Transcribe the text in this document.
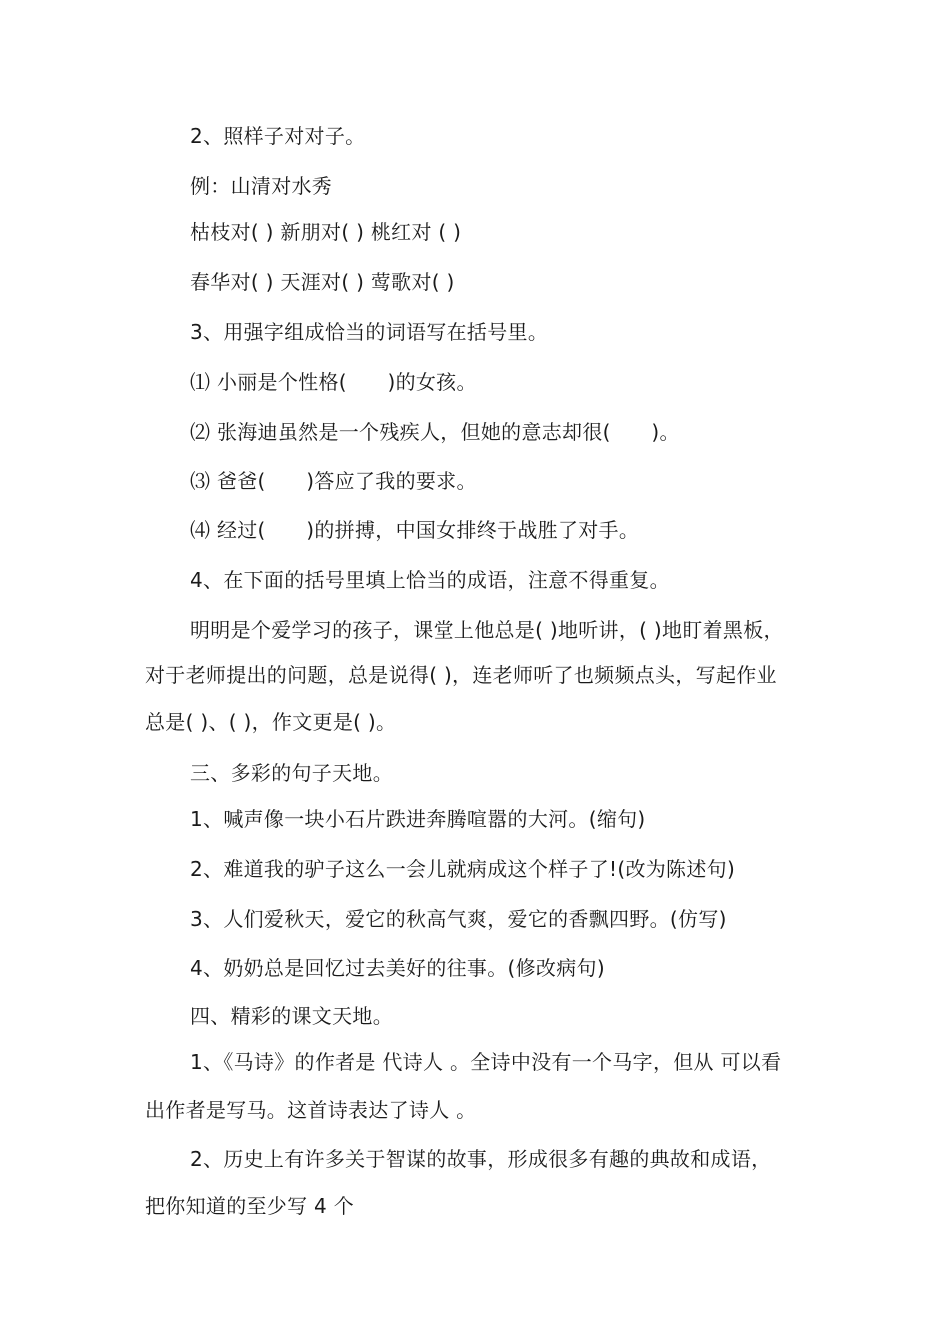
2、照样子对对子。
例：山清对水秀
枯枝对( ) 新朋对( ) 桃红对 ( )
春华对( ) 天涯对( ) 莺歌对( )
3、用强字组成恰当的词语写在括号里。
⑴ 小丽是个性格(　　)的女孩。
⑵ 张海迪虽然是一个残疾人，但她的意志却很(　　)。
⑶ 爸爸(　　)答应了我的要求。
⑷ 经过(　　)的拼搏，中国女排终于战胜了对手。
4、在下面的括号里填上恰当的成语，注意不得重复。
明明是个爱学习的孩子，课堂上他总是( )地听讲，( )地盯着黑板，
对于老师提出的问题，总是说得( )，连老师听了也频频点头，写起作业
总是( )、( )，作文更是( )。
三、多彩的句子天地。
1、喊声像一块小石片跌进奔腾喧嚣的大河。(缩句)
2、难道我的驴子这么一会儿就病成这个样子了!(改为陈述句)
3、人们爱秋天，爱它的秋高气爽，爱它的香飘四野。(仿写)
4、奶奶总是回忆过去美好的往事。(修改病句)
四、精彩的课文天地。
1、《马诗》的作者是 代诗人 。全诗中没有一个马字，但从 可以看
出作者是写马。这首诗表达了诗人 。
2、历史上有许多关于智谋的故事，形成很多有趣的典故和成语，
把你知道的至少写 4 个
